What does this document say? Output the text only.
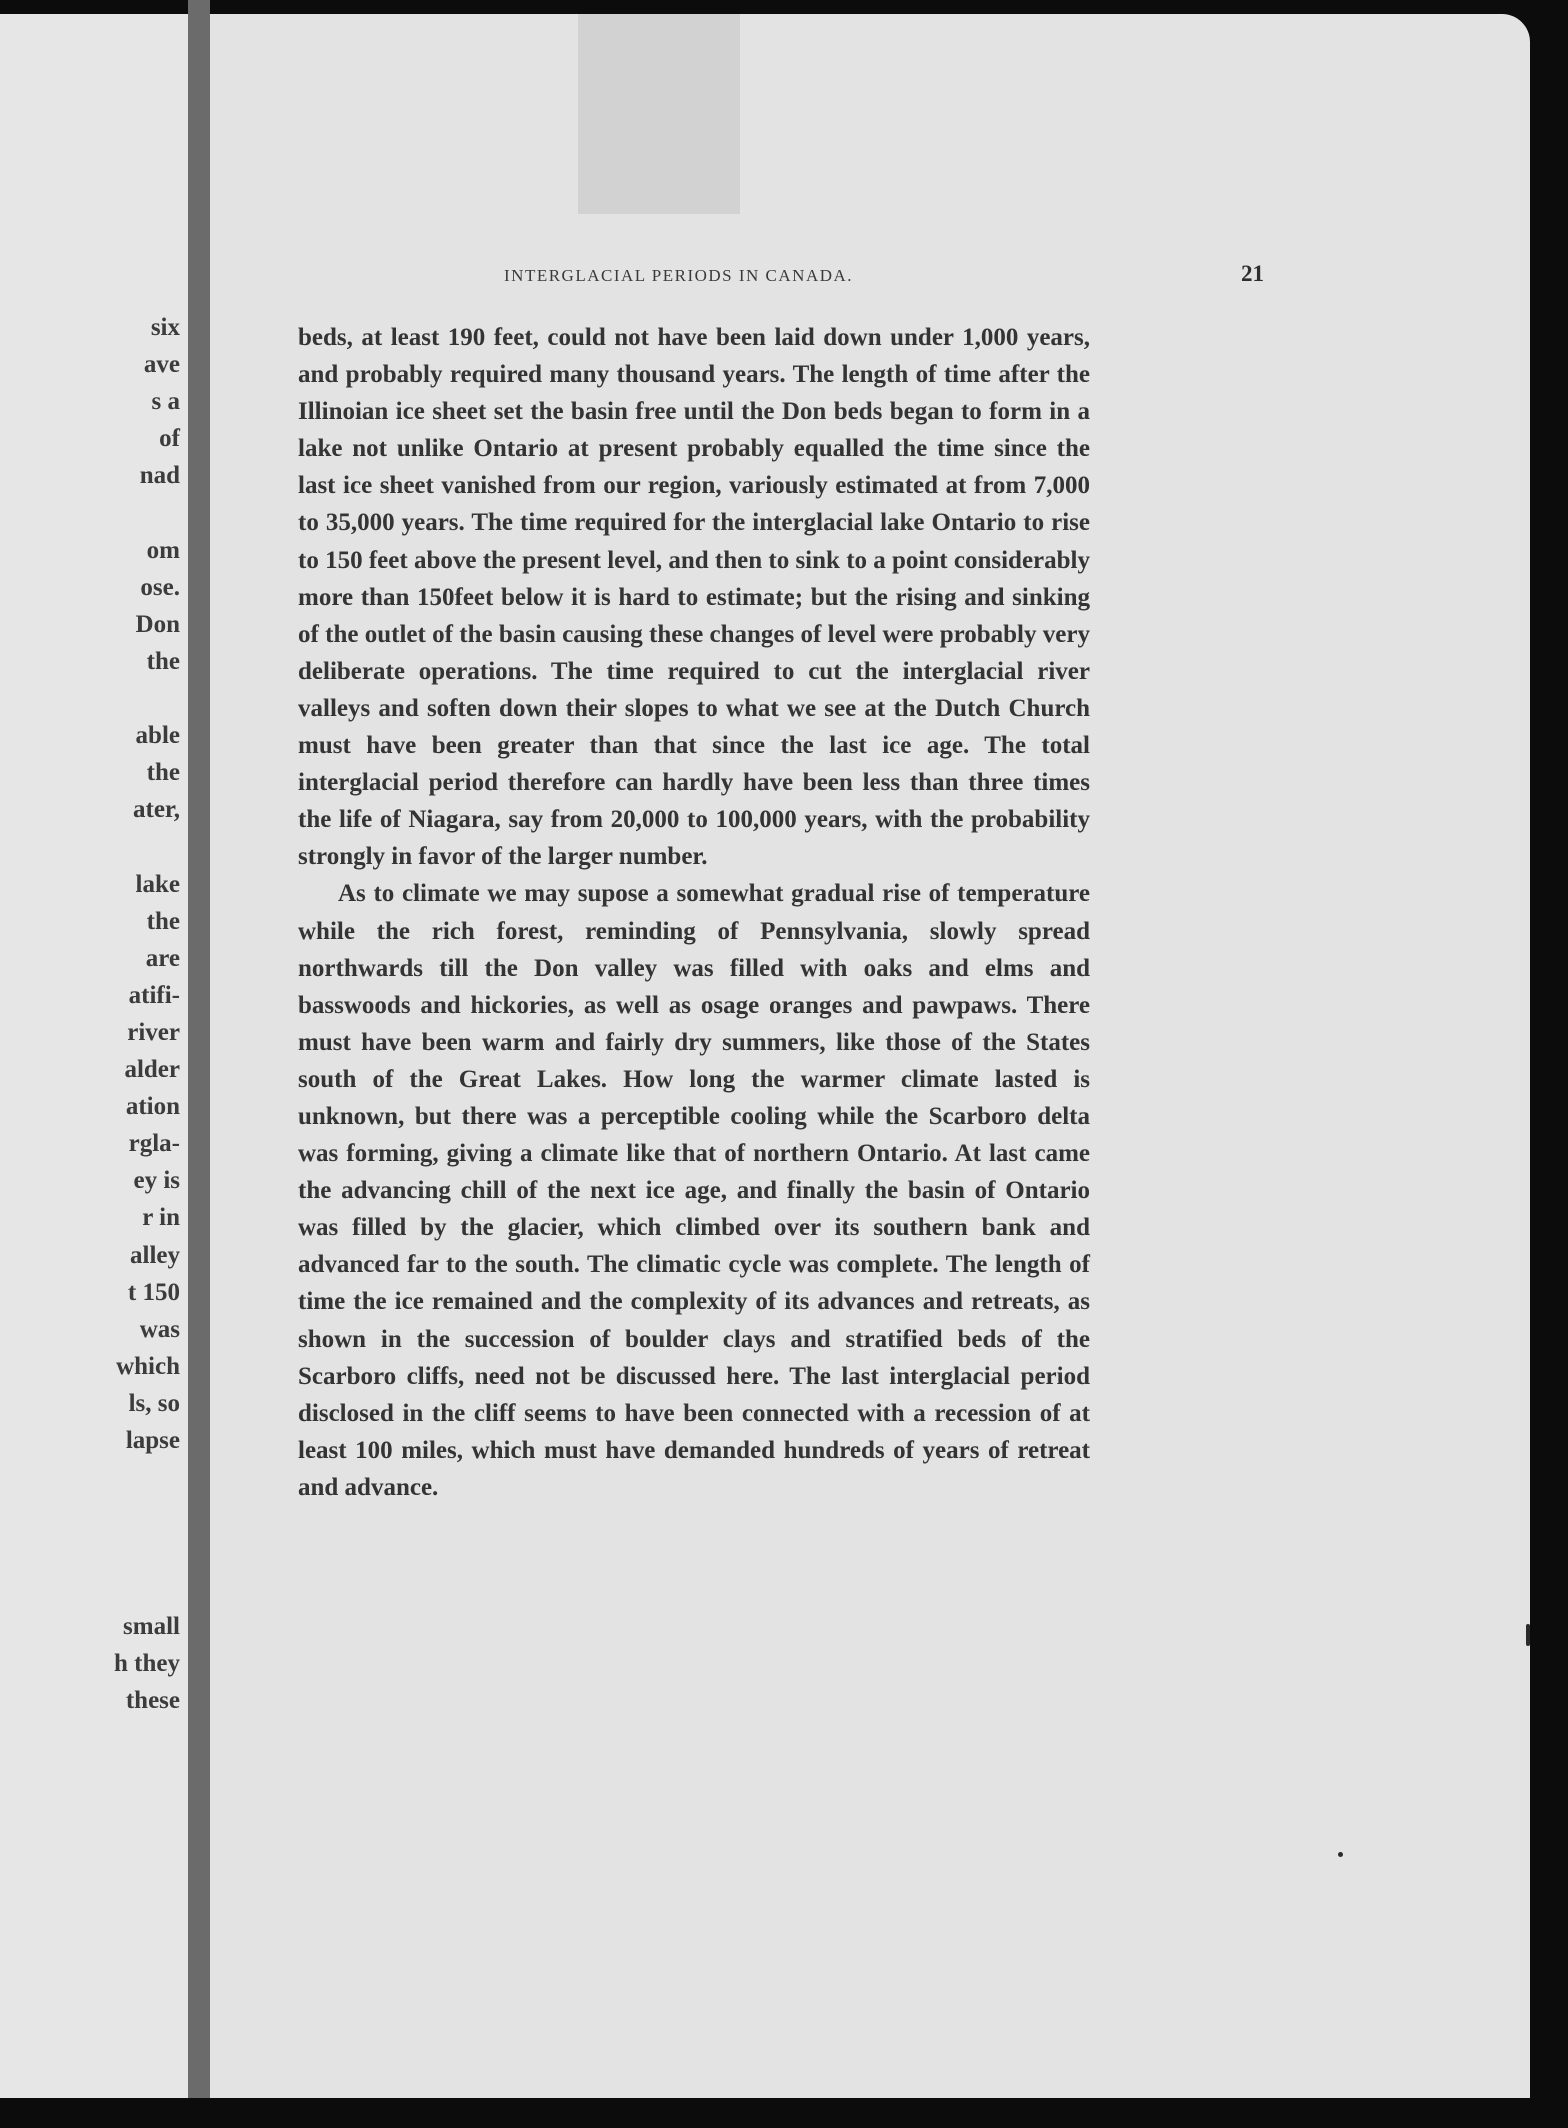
six
ave
s a
of
nad
om
ose.
Don
the
able
the
ater,
lake
the
are
atifi-
river
alder
ation
rgla-
ey is
r in
alley
t 150
was
which
ls, so
lapse
small
h they
these
INTERGLACIAL PERIODS IN CANADA.	21

beds, at least 190 feet, could not have been laid down under 1,000 years, and probably required many thousand years. The length of time after the Illinoian ice sheet set the basin free until the Don beds began to form in a lake not unlike Ontario at present probably equalled the time since the last ice sheet vanished from our region, variously estimated at from 7,000 to 35,000 years. The time required for the interglacial lake Ontario to rise to 150 feet above the present level, and then to sink to a point considerably more than 150feet below it is hard to estimate; but the rising and sinking of the outlet of the basin causing these changes of level were probably very deliberate operations. The time required to cut the interglacial river valleys and soften down their slopes to what we see at the Dutch Church must have been greater than that since the last ice age. The total interglacial period therefore can hardly have been less than three times the life of Niagara, say from 20,000 to 100,000 years, with the probability strongly in favor of the larger number.

As to climate we may supose a somewhat gradual rise of temperature while the rich forest, reminding of Pennsylvania, slowly spread northwards till the Don valley was filled with oaks and elms and basswoods and hickories, as well as osage oranges and pawpaws. There must have been warm and fairly dry summers, like those of the States south of the Great Lakes. How long the warmer climate lasted is unknown, but there was a perceptible cooling while the Scarboro delta was forming, giving a climate like that of northern Ontario. At last came the advancing chill of the next ice age, and finally the basin of Ontario was filled by the glacier, which climbed over its southern bank and advanced far to the south. The climatic cycle was complete. The length of time the ice remained and the complexity of its advances and retreats, as shown in the succession of boulder clays and stratified beds of the Scarboro cliffs, need not be discussed here. The last interglacial period disclosed in the cliff seems to have been connected with a recession of at least 100 miles, which must have demanded hundreds of years of retreat and advance.
